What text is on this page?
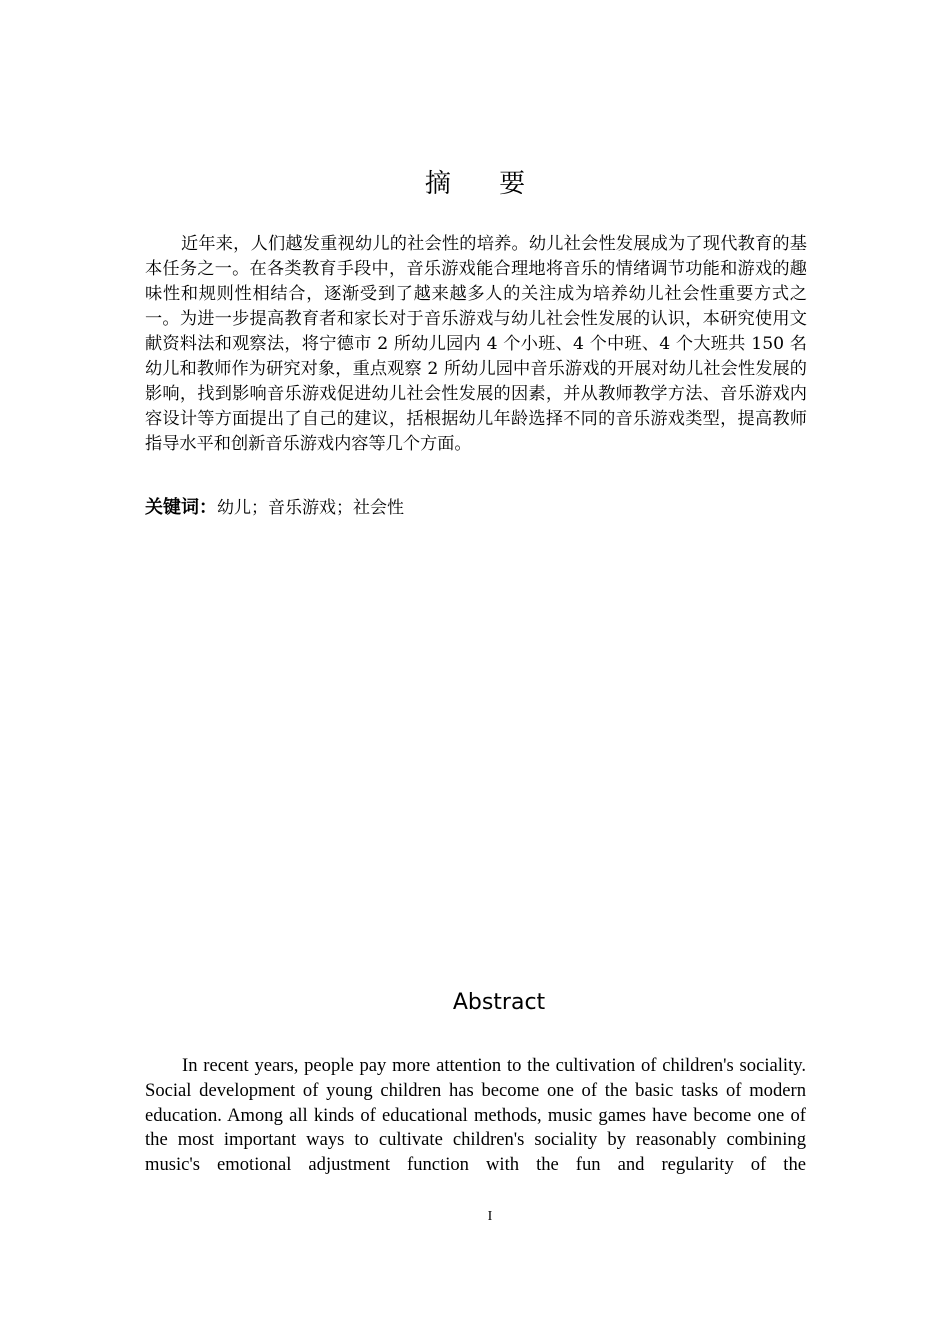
摘 要

近年来，人们越发重视幼儿的社会性的培养。幼儿社会性发展成为了现代教育的基本任务之一。在各类教育手段中，音乐游戏能合理地将音乐的情绪调节功能和游戏的趣味性和规则性相结合，逐渐受到了越来越多人的关注成为培养幼儿社会性重要方式之一。为进一步提高教育者和家长对于音乐游戏与幼儿社会性发展的认识，本研究使用文献资料法和观察法，将宁德市 2 所幼儿园内 4 个小班、4 个中班、4 个大班共 150 名幼儿和教师作为研究对象，重点观察 2 所幼儿园中音乐游戏的开展对幼儿社会性发展的影响，找到影响音乐游戏促进幼儿社会性发展的因素，并从教师教学方法、音乐游戏内容设计等方面提出了自己的建议，括根据幼儿年龄选择不同的音乐游戏类型，提高教师指导水平和创新音乐游戏内容等几个方面。

关键词：幼儿；音乐游戏；社会性

Abstract

In recent years, people pay more attention to the cultivation of children's sociality. Social development of young children has become one of the basic tasks of modern education. Among all kinds of educational methods, music games have become one of the most important ways to cultivate children's sociality by reasonably combining music's emotional adjustment function with the fun and regularity of the

I
